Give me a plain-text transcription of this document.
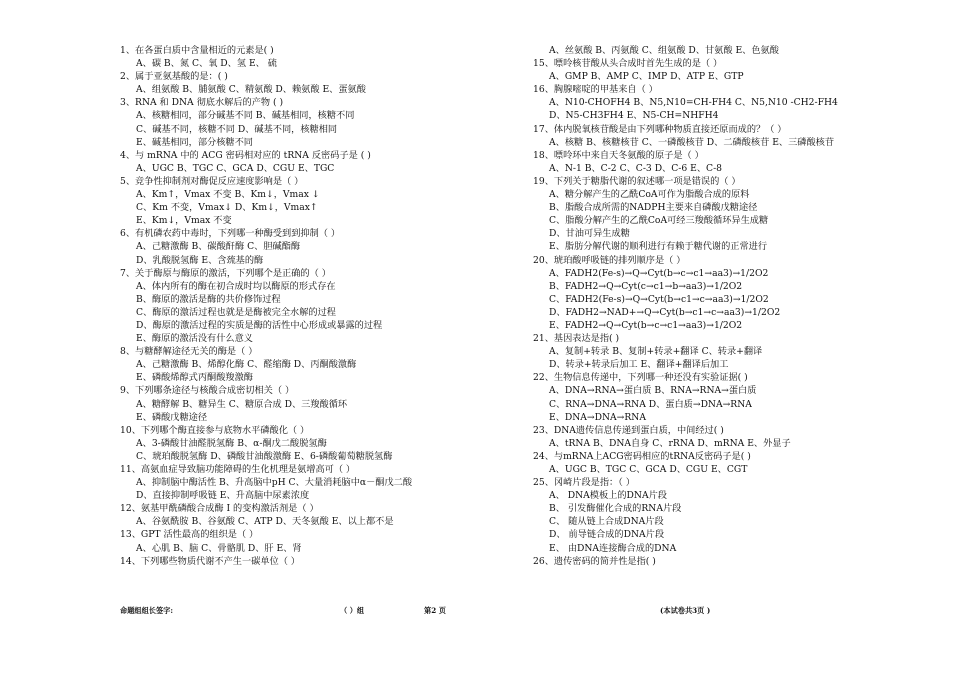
1、在各蛋白质中含量相近的元素是( )
A、碳 B、氮 C、氧 D、氢 E、 硫
2、属于亚氨基酸的是：( )
A、组氨酸 B、脯氨酸 C、精氨酸 D、赖氨酸 E、蛋氨酸
3、RNA 和 DNA 彻底水解后的产物 ( )
A、核糖相同，部分碱基不同 B、碱基相同，核糖不同
C、碱基不同，核糖不同 D、碱基不同，核糖相同
E、碱基相同，部分核糖不同
4、与 mRNA 中的 ACG 密码相对应的 tRNA 反密码子是 ( )
A、UGC B、TGC C、GCA D、CGU E、TGC
5、竞争性抑制剂对酶促反应速度影响是（ ）
A、Km↑，Vmax 不变 B、Km↓，Vmax ↓
C、Km 不变，Vmax↓ D、Km↓，Vmax↑
E、Km↓，Vmax 不变
6、有机磷农药中毒时，下列哪一种酶受到到抑制（ ）
A、己糖激酶 B、碳酸酐酶 C、胆碱酯酶
D、乳酸脱氢酶 E、含巯基的酶
7、关于酶原与酶原的激活，下列哪个是正确的（ ）
A、体内所有的酶在初合成时均以酶原的形式存在
B、酶原的激活是酶的共价修饰过程
C、酶原的激活过程也就是是酶被完全水解的过程
D、酶原的激活过程的实质是酶的活性中心形成或暴露的过程
E、酶原的激活没有什么意义
8、与糖酵解途径无关的酶是（ ）
A、己糖激酶 B、烯醇化酶 C、醛缩酶 D、丙酮酸激酶
E、磷酸烯醇式丙酮酸羧激酶
9、下列哪条途径与核酸合成密切相关（ ）
A、糖酵解 B、糖异生 C、糖原合成 D、三羧酸循环
E、磷酸戊糖途径
10、下列哪个酶直接参与底物水平磷酸化（ ）
A、3-磷酸甘油醛脱氢酶 B、α-酮戊二酸脱氢酶
C、琥珀酸脱氢酶 D、磷酸甘油酸激酶 E、6-磷酸葡萄糖脱氢酶
11、高氨血症导致脑功能障碍的生化机理是氨增高可（ ）
A、抑制脑中酶活性 B、升高脑中pH C、大量消耗脑中α－酮戊二酸
D、直接抑制呼吸链 E、升高脑中尿素浓度
12、氨基甲酰磷酸合成酶 I 的变构激活剂是（ ）
A、谷氨酰胺 B、谷氨酸 C、ATP D、天冬氨酸 E、以上都不是
13、GPT 活性最高的组织是（ ）
A、心肌 B、脑 C、骨骼肌 D、肝 E、肾
14、下列哪些物质代谢不产生一碳单位（ ）
A、丝氨酸 B、丙氨酸 C、组氨酸 D、甘氨酸 E、色氨酸
15、嘌呤核苷酸从头合成时首先生成的是（ ）
A、GMP B、AMP C、IMP D、ATP E、GTP
16、胸腺嘧啶的甲基来自（ ）
A、N10-CHOFH4 B、N5,N10=CH-FH4 C、N5,N10 -CH2-FH4
D、N5-CH3FH4 E、N5-CH=NHFH4
17、体内脱氧核苷酸是由下列哪种物质直接还原而成的？（ ）
A、核糖 B、核糖核苷 C、一磷酸核苷 D、二磷酸核苷 E、三磷酸核苷
18、嘌呤环中来自天冬氨酸的原子是（ ）
A、N-1 B、C-2 C、C-3 D、C-6 E、C-8
19、下列关于糖脂代谢的叙述哪一项是错误的（ ）
A、糖分解产生的乙酰CoA可作为脂酸合成的原料
B、脂酸合成所需的NADPH主要来自磷酸戊糖途径
C、脂酸分解产生的乙酰CoA可经三羧酸循环异生成糖
D、甘油可异生成糖
E、脂肪分解代谢的顺利进行有赖于糖代谢的正常进行
20、琥珀酸呼吸链的排列顺序是（ ）
A、FADH2(Fe-s)→Q→Cyt(b→c→c1→aa3)→1/2O2
B、FADH2→Q→Cyt(c→c1→b→aa3)→1/2O2
C、FADH2(Fe-s)→Q→Cyt(b→c1→c→aa3)→1/2O2
D、FADH2→NAD+→Q→Cyt(b→c1→c→aa3)→1/2O2
E、FADH2→Q→Cyt(b→c→c1→aa3)→1/2O2
21、基因表达是指( )
A、复制+转录 B、复制+转录+翻译 C、转录+翻译
D、转录+转录后加工 E、翻译+翻译后加工
22、生物信息传递中，下列哪一种还没有实验证据( )
A、DNA→RNA→蛋白质 B、RNA→RNA→蛋白质
C、RNA→DNA→RNA D、蛋白质→DNA→RNA
E、DNA→DNA→RNA
23、DNA遗传信息传递到蛋白质，中间经过( )
A、tRNA B、DNA自身 C、rRNA D、mRNA E、外显子
24、与mRNA上ACG密码相应的tRNA反密码子是( )
A、UGC B、TGC C、GCA D、CGU E、CGT
25、冈崎片段是指：（ ）
A、 DNA模板上的DNA片段
B、 引发酶催化合成的RNA片段
C、 随从链上合成DNA片段
D、 前导链合成的DNA片段
E、 由DNA连接酶合成的DNA
26、遗传密码的简并性是指( )
命题组组长签字:	（ ）组	第2 页	(本试卷共3页 )
